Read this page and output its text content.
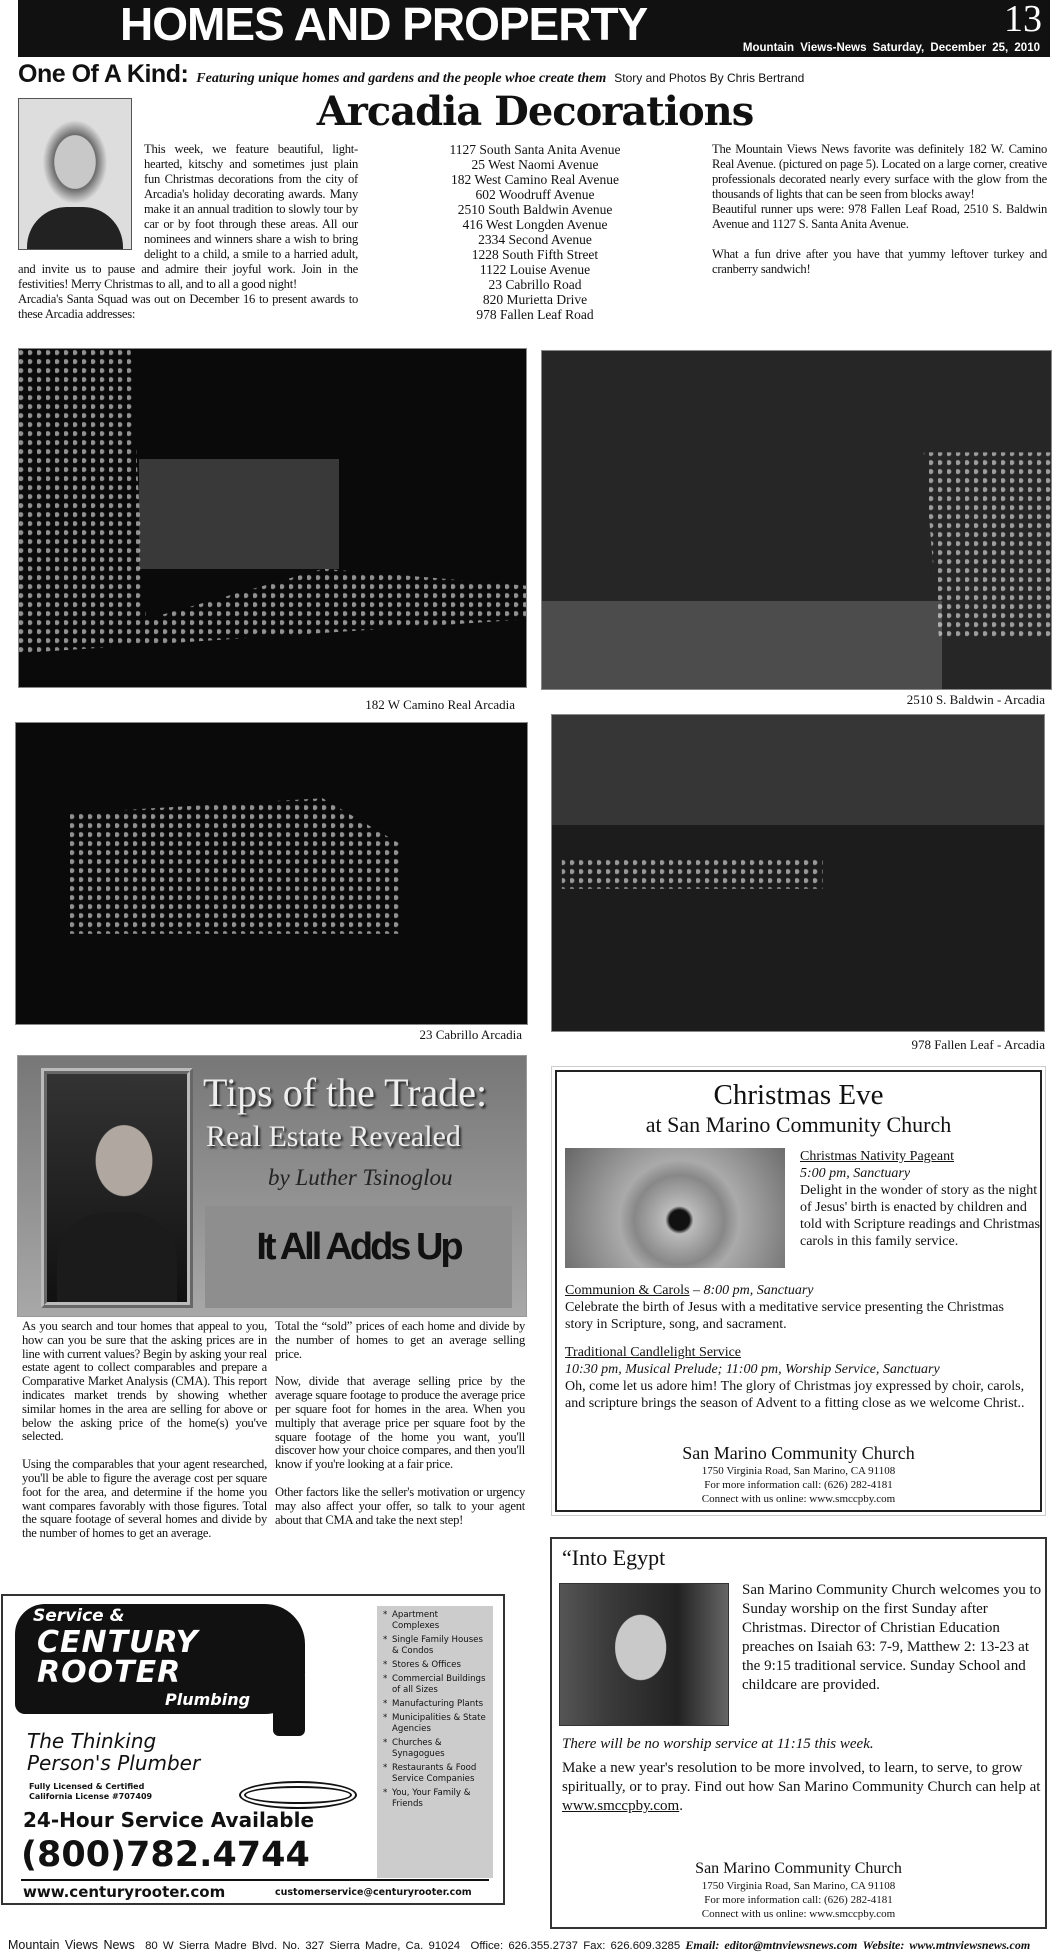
HOMES AND PROPERTY	13
Mountain Views-News Saturday, December 25, 2010
One Of A Kind: Featuring unique homes and gardens and the people whoe create them Story and Photos By Chris Bertrand
Arcadia Decorations
This week, we feature beautiful, light-hearted, kitschy and sometimes just plain fun Christmas decorations from the city of Arcadia's holiday decorating awards. Many make it an annual tradition to slowly tour by car or by foot through these areas. All our nominees and winners share a wish to bring delight to a child, a smile to a harried adult, and invite us to pause and admire their joyful work. Join in the festivities! Merry Christmas to all, and to all a good night!
Arcadia's Santa Squad was out on December 16 to present awards to these Arcadia addresses:
1127 South Santa Anita Avenue
25 West Naomi Avenue
182 West Camino Real Avenue
602 Woodruff Avenue
2510 South Baldwin Avenue
416 West Longden Avenue
2334 Second Avenue
1228 South Fifth Street
1122 Louise Avenue
23 Cabrillo Road
820 Murietta Drive
978 Fallen Leaf Road
The Mountain Views News favorite was definitely 182 W. Camino Real Avenue. (pictured on page 5). Located on a large corner, creative professionals decorated nearly every surface with the glow from the thousands of lights that can be seen from blocks away!
Beautiful runner ups were: 978 Fallen Leaf Road, 2510 S. Baldwin Avenue and 1127 S. Santa Anita Avenue.

What a fun drive after you have that yummy leftover turkey and cranberry sandwich!
182 W Camino Real Arcadia	2510 S. Baldwin - Arcadia
23 Cabrillo Arcadia
978 Fallen Leaf - Arcadia
Tips of the Trade:
Real Estate Revealed
by Luther Tsinoglou
It All Adds Up

As you search and tour homes that appeal to you, how can you be sure that the asking prices are in line with current values? Begin by asking your real estate agent to collect comparables and prepare a Comparative Market Analysis (CMA). This report indicates market trends by showing whether similar homes in the area are selling for above or below the asking price of the home(s) you've selected.

Using the comparables that your agent researched, you'll be able to figure the average cost per square foot for the area, and determine if the home you want compares favorably with those figures. Total the square footage of several homes and divide by the number of homes to get an average.

Total the “sold” prices of each home and divide by the number of homes to get an average selling price.

Now, divide that average selling price by the average square footage to produce the average price per square foot for homes in the area. When you multiply that average price per square foot by the square footage of the home you want, you'll discover how your choice compares, and then you'll know if you're looking at a fair price.

Other factors like the seller's motivation or urgency may also affect your offer, so talk to your agent about that CMA and take the next step!

Christmas Eve
at San Marino Community Church
Christmas Nativity Pageant
5:00 pm, Sanctuary
Delight in the wonder of story as the night of Jesus' birth is enacted by children and told with Scripture readings and Christmas carols in this family service.
Communion & Carols – 8:00 pm, Sanctuary
Celebrate the birth of Jesus with a meditative service presenting the Christmas story in Scripture, song, and sacrament.
Traditional Candlelight Service
10:30 pm, Musical Prelude; 11:00 pm, Worship Service, Sanctuary
Oh, come let us adore him! The glory of Christmas joy expressed by choir, carols, and scripture brings the season of Advent to a fitting close as we welcome Christ..
San Marino Community Church
1750 Virginia Road, San Marino, CA 91108
For more information call: (626) 282-4181
Connect with us online: www.smccpby.com
Service &
CENTURY ROOTER
Plumbing
The Thinking Person's Plumber
Fully Licensed & Certified
California License #707409
24-Hour Service Available
(800)782.4744
www.centuryrooter.com	customerservice@centuryrooter.com
* Apartment Complexes
* Single Family Houses & Condos
* Stores & Offices
* Commercial Buildings of all Sizes
* Manufacturing Plants
* Municipalities & State Agencies
* Churches & Synagogues
* Restaurants & Food Service Companies
* You, Your Family & Friends
“Into Egypt
San Marino Community Church welcomes you to Sunday worship on the first Sunday after Christmas. Director of Christian Education preaches on Isaiah 63: 7-9, Matthew 2: 13-23 at the 9:15 traditional service. Sunday School and childcare are provided.
There will be no worship service at 11:15 this week.
Make a new year's resolution to be more involved, to learn, to serve, to grow spiritually, or to pray. Find out how San Marino Community Church can help at www.smccpby.com.
San Marino Community Church
1750 Virginia Road, San Marino, CA 91108
For more information call: (626) 282-4181
Connect with us online: www.smccpby.com
Mountain Views News 80 W Sierra Madre Blvd. No. 327 Sierra Madre, Ca. 91024 Office: 626.355.2737 Fax: 626.609.3285 Email: editor@mtnviewsnews.com Website: www.mtnviewsnews.com
